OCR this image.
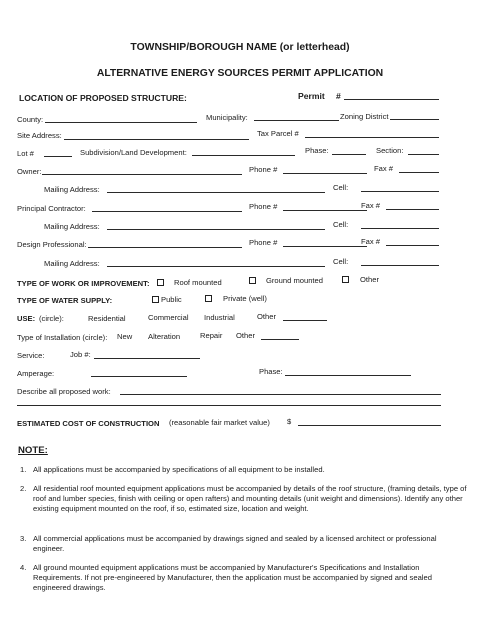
TOWNSHIP/BOROUGH NAME (or letterhead)
ALTERNATIVE ENERGY SOURCES PERMIT APPLICATION
LOCATION OF PROPOSED STRUCTURE:	Permit #
County:	Municipality:	Zoning District
Site Address:	Tax Parcel #
Lot #	Subdivision/Land Development:	Phase:	Section:
Owner:	Phone #	Fax #
Mailing Address:	Cell:
Principal Contractor:	Phone #	Fax #
Mailing Address:	Cell:
Design Professional:	Phone #	Fax #
Mailing Address:	Cell:
TYPE OF WORK OR IMPROVEMENT:	Roof mounted	Ground mounted	Other
TYPE OF WATER SUPPLY:	Public	Private (well)
USE: (circle):	Residential	Commercial Industrial	Other
Type of Installation (circle): New Alteration	Repair Other
Service:	Job #:
Amperage:	Phase:
Describe all proposed work:
ESTIMATED COST OF CONSTRUCTION (reasonable fair market value) $
NOTE:
1. All applications must be accompanied by specifications of all equipment to be installed.
2. All residential roof mounted equipment applications must be accompanied by details of the roof structure, (framing details, type of roof and lumber species, finish with ceiling or open rafters) and mounting details (unit weight and dimensions). Identify any other existing equipment mounted on the roof, if so, estimated size, location and weight.
3. All commercial applications must be accompanied by drawings signed and sealed by a licensed architect or professional engineer.
4. All ground mounted equipment applications must be accompanied by Manufacturer's Specifications and Installation Requirements. If not pre-engineered by Manufacturer, then the application must be accompanied by signed and sealed engineered drawings.
